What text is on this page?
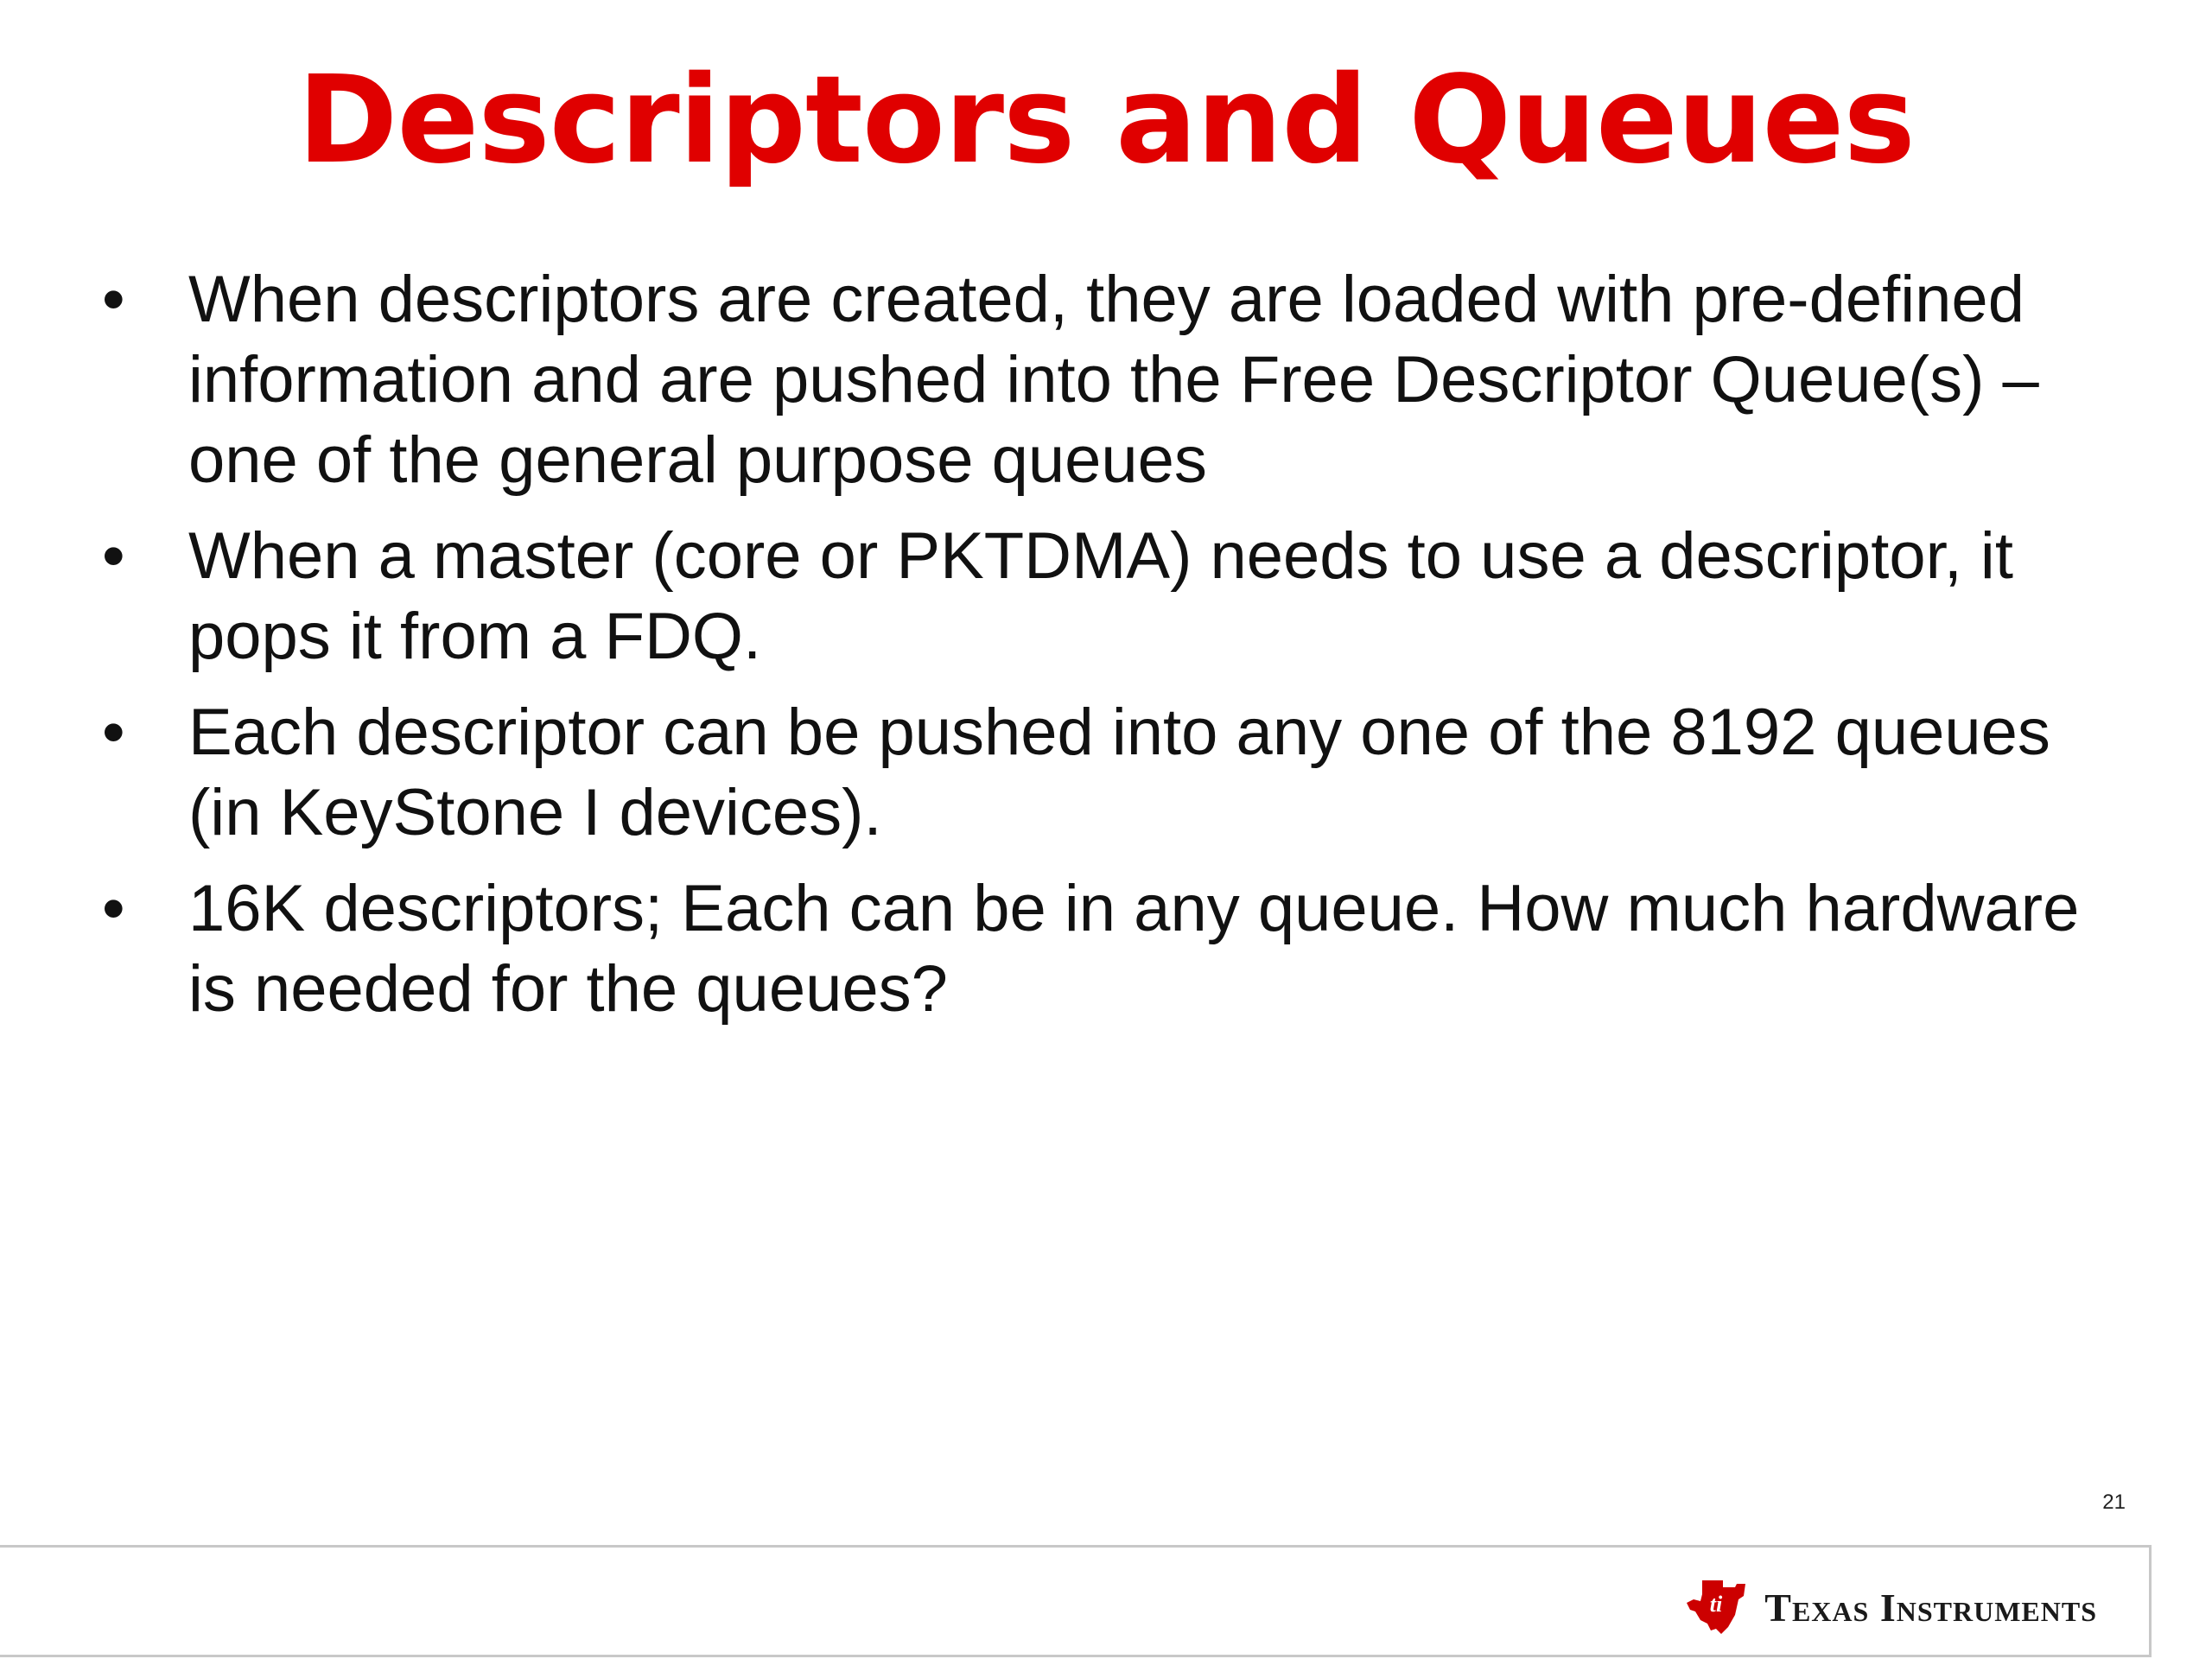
Descriptors and Queues
• When descriptors are created, they are loaded with pre-defined information and are pushed into the Free Descriptor Queue(s) – one of the general purpose queues
• When a master (core or PKTDMA) needs to use a descriptor, it pops it from a FDQ.
• Each descriptor can be pushed into any one of the 8192 queues (in KeyStone I devices).
• 16K descriptors; Each can be in any queue. How much hardware is needed for the queues?
21
ti Texas Instruments
